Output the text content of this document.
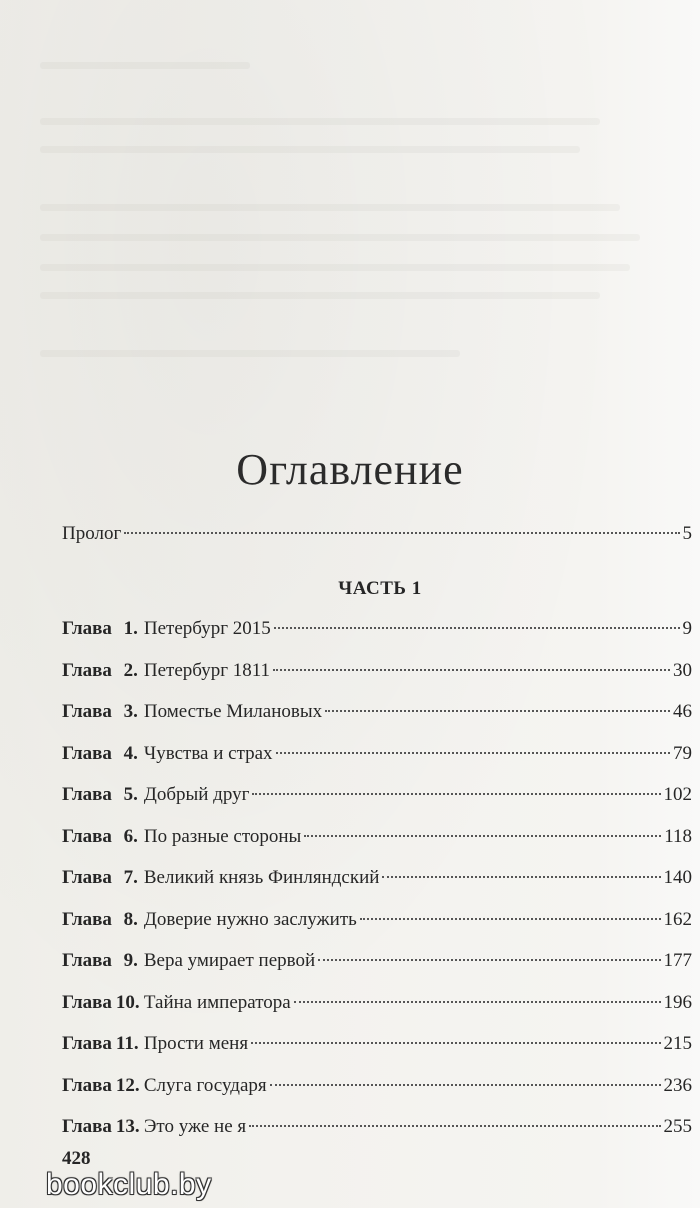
Оглавление
Пролог	5
ЧАСТЬ 1
Глава 1. Петербург 2015	9
Глава 2. Петербург 1811	30
Глава 3. Поместье Милановых	46
Глава 4. Чувства и страх	79
Глава 5. Добрый друг	102
Глава 6. По разные стороны	118
Глава 7. Великий князь Финляндский	140
Глава 8. Доверие нужно заслужить	162
Глава 9. Вера умирает первой	177
Глава 10. Тайна императора	196
Глава 11. Прости меня	215
Глава 12. Слуга государя	236
Глава 13. Это уже не я	255
428
bookclub.by
